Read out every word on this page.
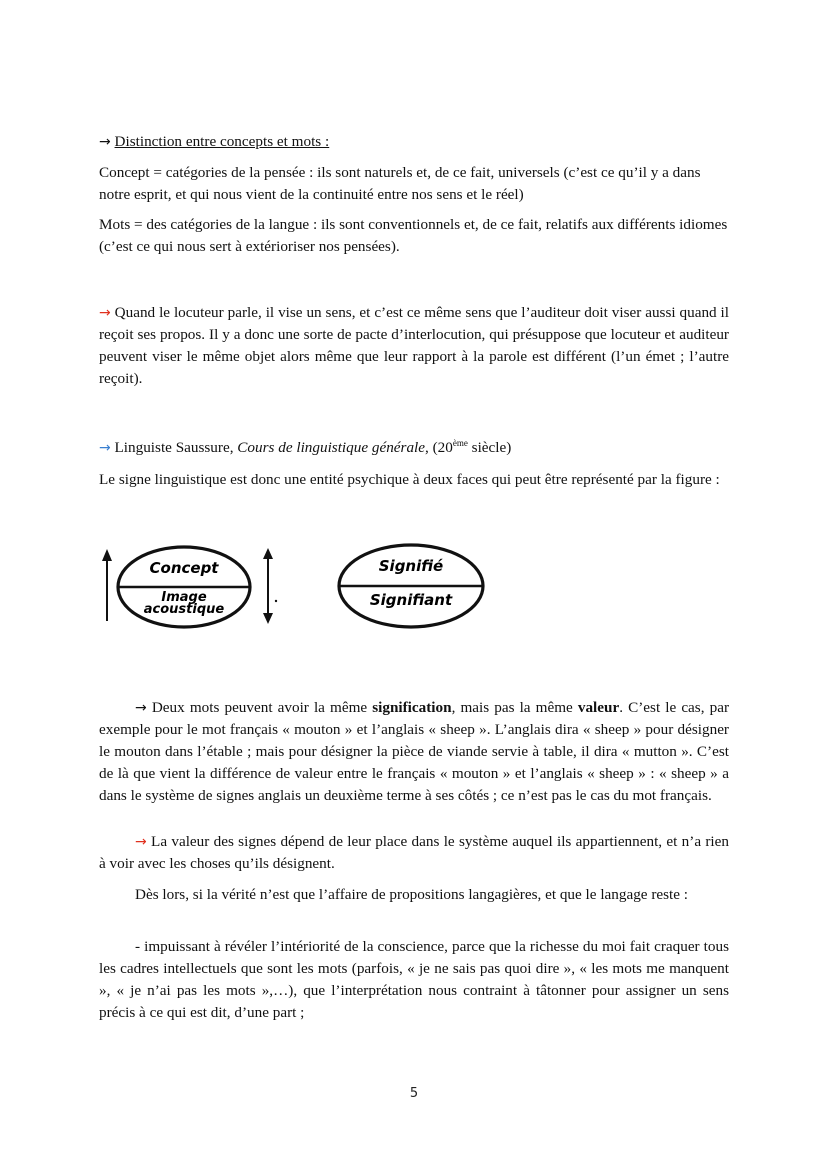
→ Distinction entre concepts et mots :

Concept = catégories de la pensée : ils sont naturels et, de ce fait, universels (c’est ce qu’il y a dans notre esprit, et qui nous vient de la continuité entre nos sens et le réel)

Mots = des catégories de la langue : ils sont conventionnels et, de ce fait, relatifs aux différents idiomes (c’est ce qui nous sert à extérioriser nos pensées).

→ Quand le locuteur parle, il vise un sens, et c’est ce même sens que l’auditeur doit viser aussi quand il reçoit ses propos. Il y a donc une sorte de pacte d’interlocution, qui présuppose que locuteur et auditeur peuvent viser le même objet alors même que leur rapport à la parole est différent (l’un émet ; l’autre reçoit).

→ Linguiste Saussure, Cours de linguistique générale, (20ème siècle)

Le signe linguistique est donc une entité psychique à deux faces qui peut être représenté par la figure :

Concept
Image
acoustique
Signifié
Signifiant

→ Deux mots peuvent avoir la même signification, mais pas la même valeur. C’est le cas, par exemple pour le mot français « mouton » et l’anglais « sheep ». L’anglais dira « sheep » pour désigner le mouton dans l’étable ; mais pour désigner la pièce de viande servie à table, il dira « mutton ». C’est de là que vient la différence de valeur entre le français « mouton » et l’anglais « sheep » : « sheep » a dans le système de signes anglais un deuxième terme à ses côtés ; ce n’est pas le cas du mot français.

→ La valeur des signes dépend de leur place dans le système auquel ils appartiennent, et n’a rien à voir avec les choses qu’ils désignent.

Dès lors, si la vérité n’est que l’affaire de propositions langagières, et que le langage reste :

- impuissant à révéler l’intériorité de la conscience, parce que la richesse du moi fait craquer tous les cadres intellectuels que sont les mots (parfois, « je ne sais pas quoi dire », « les mots me manquent », « je n’ai pas les mots »,…), que l’interprétation nous contraint à tâtonner pour assigner un sens précis à ce qui est dit, d’une part ;

5
